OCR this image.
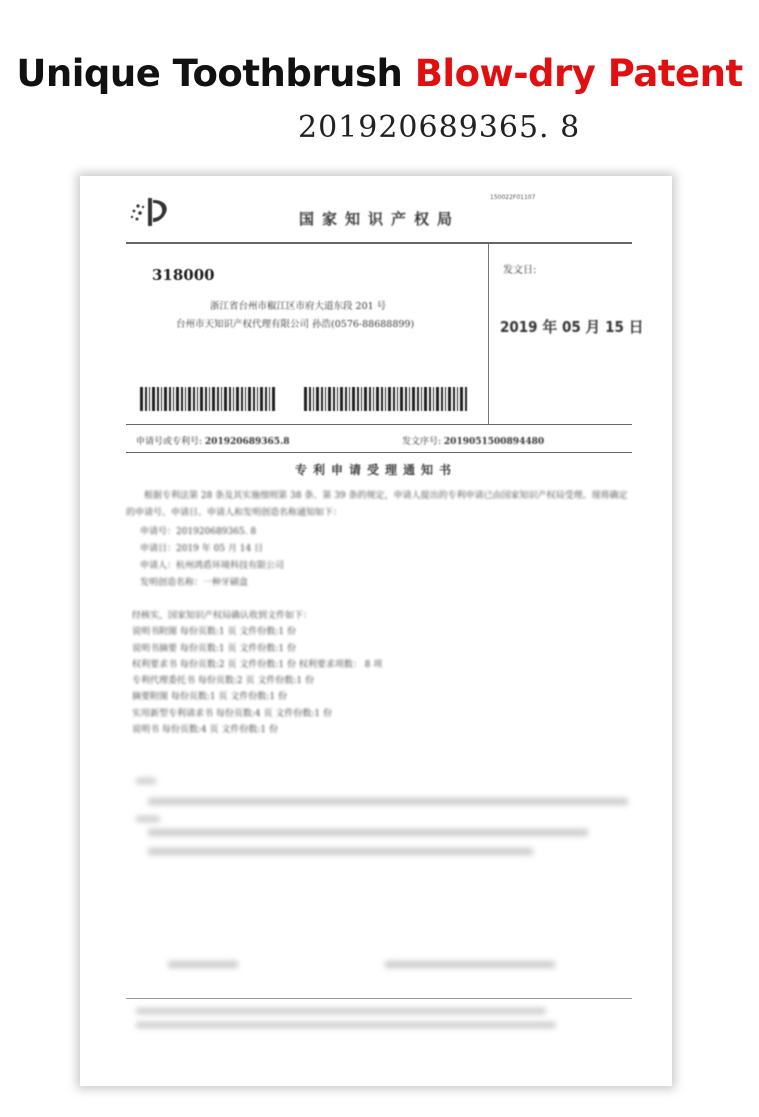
Unique Toothbrush Blow-dry Patent
201920689365. 8
150022F01107
国家知识产权局
318000
浙江省台州市椒江区市府大道东段 201 号
台州市天知识产权代理有限公司 孙浩(0576-88688899)
发文日:
2019 年 05 月 15 日
申请号或专利号: 201920689365.8	发文序号: 2019051500894480
专利申请受理通知书
根据专利法第 28 条及其实施细则第 38 条、第 39 条的规定，申请人提出的专利申请已由国家知识产权局受理。现将确定的申请号、申请日、申请人和发明创造名称通知如下：
申请号：201920689365. 8
申请日：2019 年 05 月 14 日
申请人：杭州鸿盾环境科技有限公司
发明创造名称：一种牙刷盒
经核实，国家知识产权局确认收到文件如下：
说明书附图 每份页数:1 页 文件份数:1 份
说明书摘要 每份页数:1 页 文件份数:1 份
权利要求书 每份页数:2 页 文件份数:1 份 权利要求项数： 8 项
专利代理委托书 每份页数:2 页 文件份数:1 份
摘要附图 每份页数:1 页 文件份数:1 份
实用新型专利请求书 每份页数:4 页 文件份数:1 份
说明书 每份页数:4 页 文件份数:1 份
